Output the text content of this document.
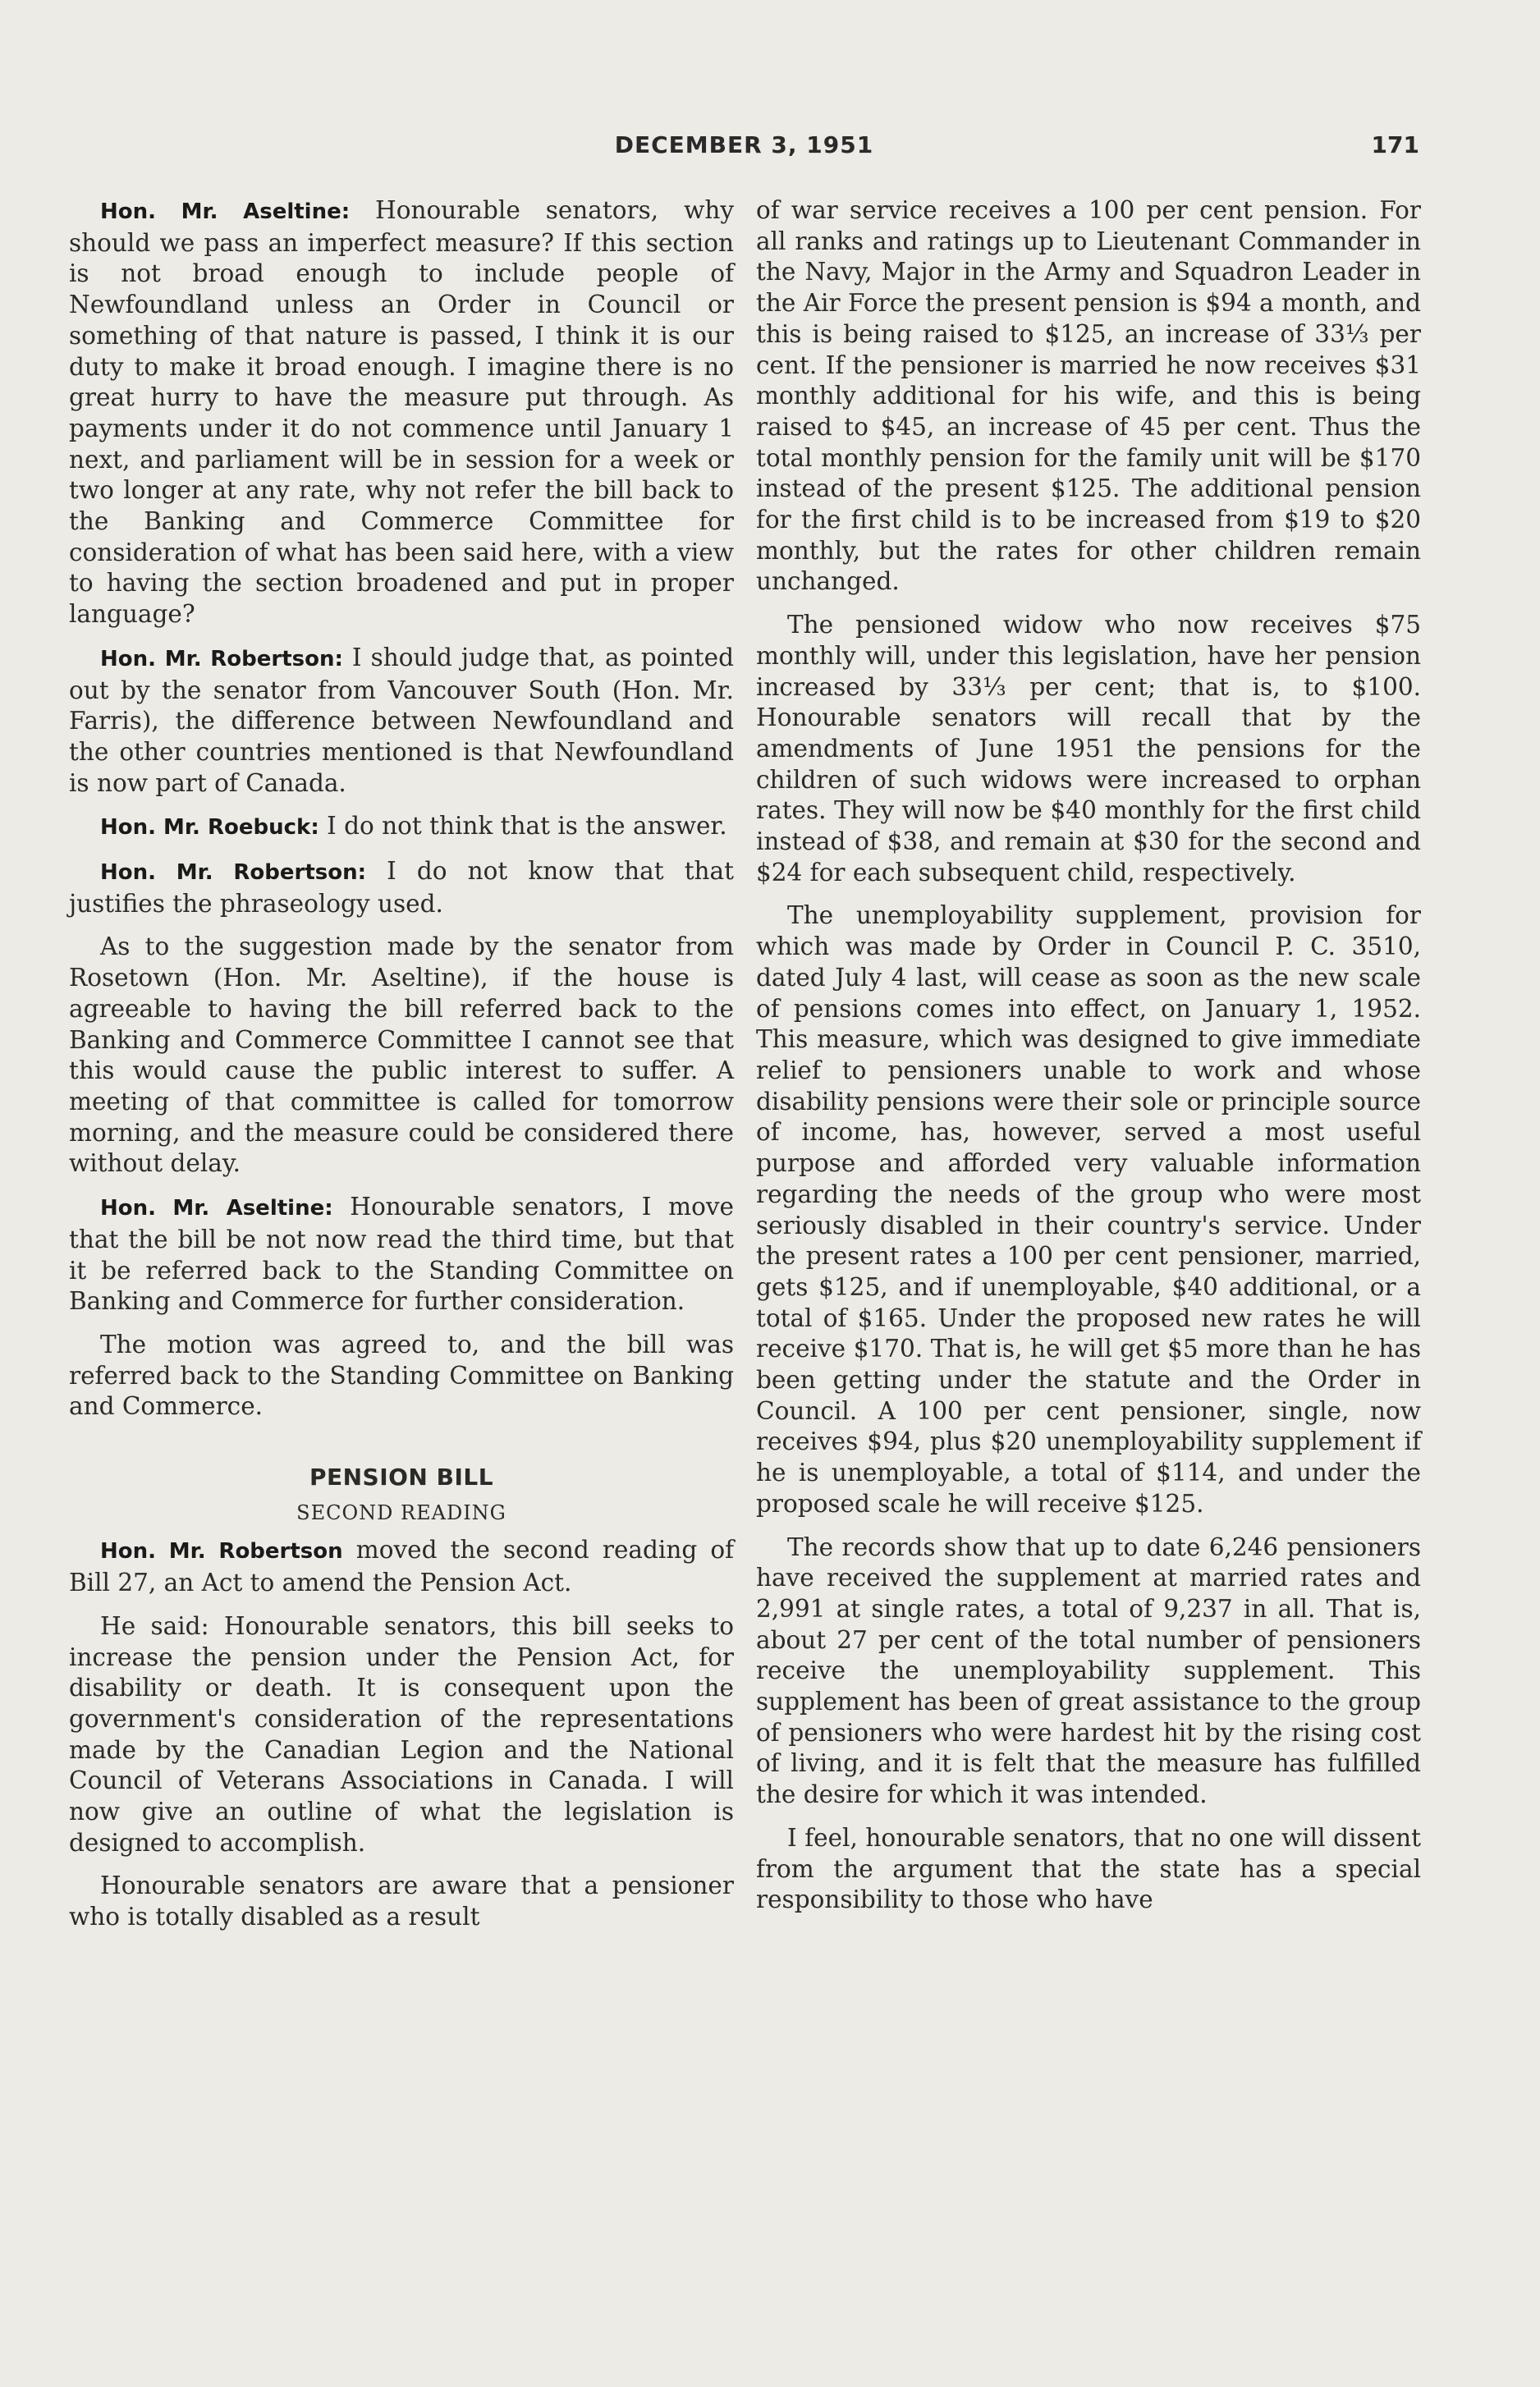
DECEMBER 3, 1951	171

Hon. Mr. Aseltine: Honourable senators, why should we pass an imperfect measure? If this section is not broad enough to include people of Newfoundland unless an Order in Council or something of that nature is passed, I think it is our duty to make it broad enough. I imagine there is no great hurry to have the measure put through. As payments under it do not commence until January 1 next, and parliament will be in session for a week or two longer at any rate, why not refer the bill back to the Banking and Commerce Committee for consideration of what has been said here, with a view to having the section broadened and put in proper language?

Hon. Mr. Robertson: I should judge that, as pointed out by the senator from Vancouver South (Hon. Mr. Farris), the difference between Newfoundland and the other countries mentioned is that Newfoundland is now part of Canada.

Hon. Mr. Roebuck: I do not think that is the answer.

Hon. Mr. Robertson: I do not know that that justifies the phraseology used.

As to the suggestion made by the senator from Rosetown (Hon. Mr. Aseltine), if the house is agreeable to having the bill referred back to the Banking and Commerce Committee I cannot see that this would cause the public interest to suffer. A meeting of that committee is called for tomorrow morning, and the measure could be considered there without delay.

Hon. Mr. Aseltine: Honourable senators, I move that the bill be not now read the third time, but that it be referred back to the Standing Committee on Banking and Commerce for further consideration.

The motion was agreed to, and the bill was referred back to the Standing Committee on Banking and Commerce.

PENSION BILL
SECOND READING

Hon. Mr. Robertson moved the second reading of Bill 27, an Act to amend the Pension Act.

He said: Honourable senators, this bill seeks to increase the pension under the Pension Act, for disability or death. It is consequent upon the government's consideration of the representations made by the Canadian Legion and the National Council of Veterans Associations in Canada. I will now give an outline of what the legislation is designed to accomplish.

Honourable senators are aware that a pensioner who is totally disabled as a result

of war service receives a 100 per cent pension. For all ranks and ratings up to Lieutenant Commander in the Navy, Major in the Army and Squadron Leader in the Air Force the present pension is $94 a month, and this is being raised to $125, an increase of 33⅓ per cent. If the pensioner is married he now receives $31 monthly additional for his wife, and this is being raised to $45, an increase of 45 per cent. Thus the total monthly pension for the family unit will be $170 instead of the present $125. The additional pension for the first child is to be increased from $19 to $20 monthly, but the rates for other children remain unchanged.

The pensioned widow who now receives $75 monthly will, under this legislation, have her pension increased by 33⅓ per cent; that is, to $100. Honourable senators will recall that by the amendments of June 1951 the pensions for the children of such widows were increased to orphan rates. They will now be $40 monthly for the first child instead of $38, and remain at $30 for the second and $24 for each subsequent child, respectively.

The unemployability supplement, provision for which was made by Order in Council P. C. 3510, dated July 4 last, will cease as soon as the new scale of pensions comes into effect, on January 1, 1952. This measure, which was designed to give immediate relief to pensioners unable to work and whose disability pensions were their sole or principle source of income, has, however, served a most useful purpose and afforded very valuable information regarding the needs of the group who were most seriously disabled in their country's service. Under the present rates a 100 per cent pensioner, married, gets $125, and if unemployable, $40 additional, or a total of $165. Under the proposed new rates he will receive $170. That is, he will get $5 more than he has been getting under the statute and the Order in Council. A 100 per cent pensioner, single, now receives $94, plus $20 unemployability supplement if he is unemployable, a total of $114, and under the proposed scale he will receive $125.

The records show that up to date 6,246 pensioners have received the supplement at married rates and 2,991 at single rates, a total of 9,237 in all. That is, about 27 per cent of the total number of pensioners receive the unemployability supplement. This supplement has been of great assistance to the group of pensioners who were hardest hit by the rising cost of living, and it is felt that the measure has fulfilled the desire for which it was intended.

I feel, honourable senators, that no one will dissent from the argument that the state has a special responsibility to those who have
